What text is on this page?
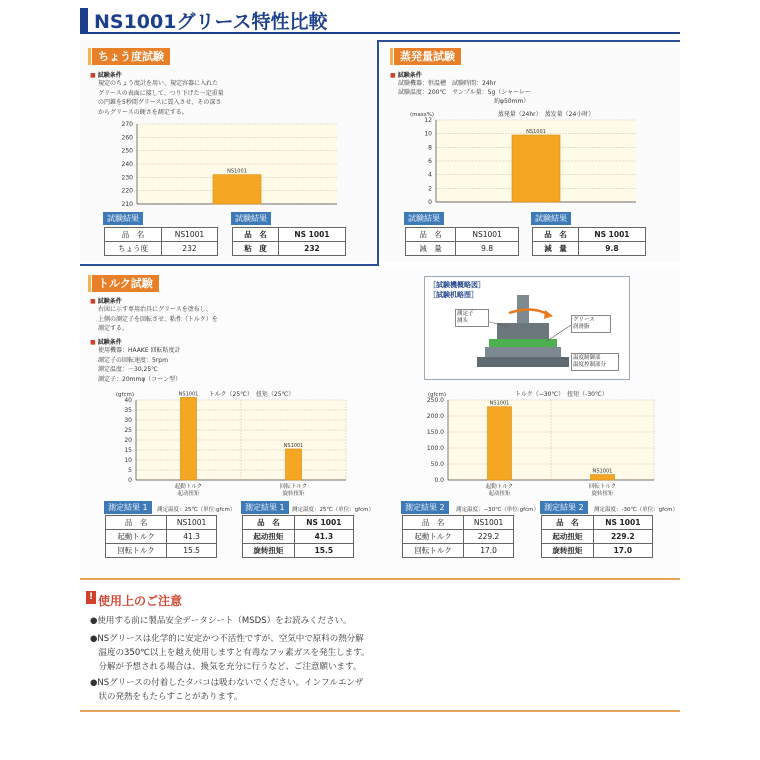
NS1001グリース特性比較
ちょう度試験
■ 試験条件
規定のちょう度計を用い、規定容器に入れた
グリースの表面に接して、つり下げた一定重量
の円錐を5秒間グリースに貫入させ、その深さ
からグリースの硬さを測定する。
210
220
230
240
250
260
270
NS1001
試験結果	試験結果
品　名	NS1001
ちょう度	232
品　名	NS 1001
粘　度	232
蒸発量試験
■ 試験条件
試験機器：恒温槽　試験時間：24hr
試験温度：200℃　サンプル量：5g（シャーレー
約φ50mm）
0
2
4
6
8
10
12
(mass%)	蒸発量（24hr）　蒸发量（24小时）
NS1001
試験結果	試験結果
品　名	NS1001
減　量	9.8
品　名	NS 1001
減　量	9.8
トルク試験
■ 試験条件
右図に示す専用治具にグリースを塗布し、
上側の測定子を回転させ、粘性（トルク）を
測定する。
■ 試験条件
使用機器：HAAKE 回転粘度計
測定子の回転速度：5rpm
測定温度：－30,25℃
測定子：20mmφ（コーン型）
［試験機概略図］
［試験机略图］
測定子
测头	グリース
润滑脂
温度制御部
温度控制部分
0
5
10
15
20
25
30
35
40
(gfcm)	トルク（25℃）　扭矩（25℃）
NS1001
起動トルク
起动扭矩
NS1001
回転トルク
旋转扭矩
0.0
50.0
100.0
150.0
200.0
250.0
(gfcm)	トルク（−30℃）　扭矩（-30℃）
NS1001
起動トルク
起动扭矩
NS1001
回転トルク
旋转扭矩
測定結果 1	測定温度：25℃（単位:gfcm）
品　名	NS1001
起動トルク	41.3
回転トルク	15.5
測定結果 1	测定温度：25℃（单位：gfcm）
品　名	NS 1001
起动扭矩	41.3
旋转扭矩	15.5
測定結果 2	測定温度：−30℃（単位:gfcm）
品　名	NS1001
起動トルク	229.2
回転トルク	17.0
測定結果 2	测定温度：-30℃（单位：gfcm）
品　名	NS 1001
起动扭矩	229.2
旋转扭矩	17.0
! 使用上のご注意
●使用する前に製品安全データシート（MSDS）をお読みください。
●NSグリースは化学的に安定かつ不活性ですが、空気中で原料の熱分解
　温度の350℃以上を越え使用しますと有毒なフッ素ガスを発生します。
　分解が予想される場合は、換気を充分に行うなど、ご注意願います。
●NSグリースの付着したタバコは吸わないでください。インフルエンザ
　状の発熱をもたらすことがあります。
